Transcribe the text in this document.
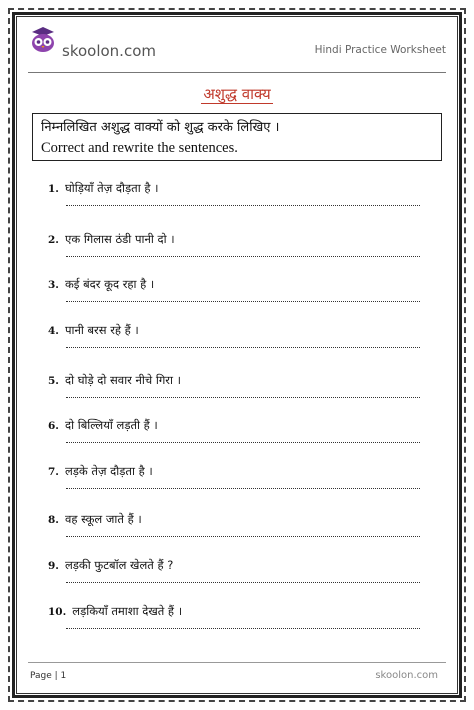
skoolon.com	Hindi Practice Worksheet
अशुद्ध वाक्य
निम्नलिखित अशुद्ध वाक्यों को शुद्ध करके लिखिए ।
Correct and rewrite the sentences.
1. घोड़ियाँ तेज़ दौड़ता है ।
2. एक गिलास ठंडी पानी दो ।
3. कई बंदर कूद रहा है ।
4. पानी बरस रहे हैं ।
5. दो घोड़े दो सवार नीचे गिरा ।
6. दो बिल्लियाँ लड़ती हैं ।
7. लड़के तेज़ दौड़ता है ।
8. वह स्कूल जाते हैं ।
9. लड़की फुटबॉल खेलते हैं ?
10. लड़कियाँ तमाशा देखते हैं ।
Page | 1	skoolon.com
